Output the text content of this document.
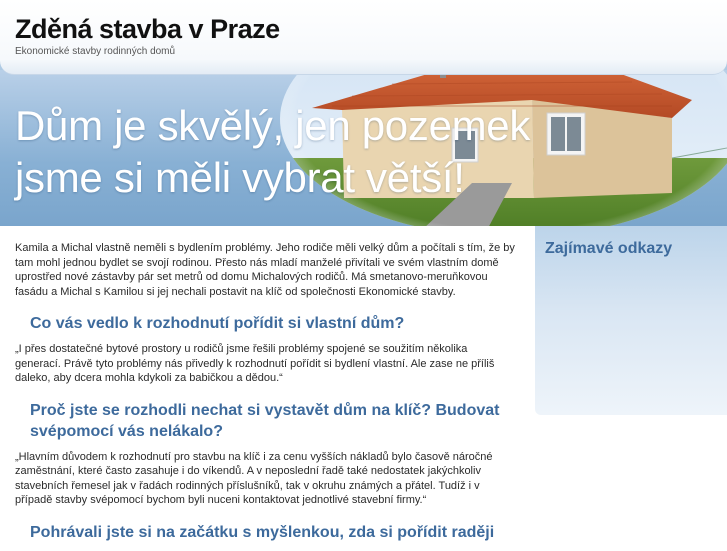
Zděná stavba v Praze
Ekonomické stavby rodinných domů
Dům je skvělý, jen pozemek
jsme si měli vybrat větší!

Kamila a Michal vlastně neměli s bydlením problémy. Jeho rodiče měli velký dům a počítali s tím, že by tam mohl jednou bydlet se svojí rodinou. Přesto nás mladí manželé přivítali ve svém vlastním domě uprostřed nové zástavby pár set metrů od domu Michalových rodičů. Má smetanovo-meruňkovou fasádu a Michal s Kamilou si jej nechali postavit na klíč od společnosti Ekonomické stavby.

Co vás vedlo k rozhodnutí pořídit si vlastní dům?

„I přes dostatečné bytové prostory u rodičů jsme řešili problémy spojené se soužitím několika generací. Právě tyto problémy nás přivedly k rozhodnutí pořídit si bydlení vlastní. Ale zase ne příliš daleko, aby dcera mohla kdykoli za babičkou a dědou.“

Proč jste se rozhodli nechat si vystavět dům na klíč? Budovat svépomocí vás nelákalo?

„Hlavním důvodem k rozhodnutí pro stavbu na klíč i za cenu vyšších nákladů bylo časově náročné zaměstnání, které často zasahuje i do víkendů. A v neposlední řadě také nedostatek jakýchkoliv stavebních řemesel jak v řadách rodinných příslušníků, tak v okruhu známých a přátel. Tudíž i v případě stavby svépomocí bychom byli nuceni kontaktovat jednotlivé stavební firmy.“

Pohrávali jste si na začátku s myšlenkou, zda si pořídit raději
Zajímavé odkazy
